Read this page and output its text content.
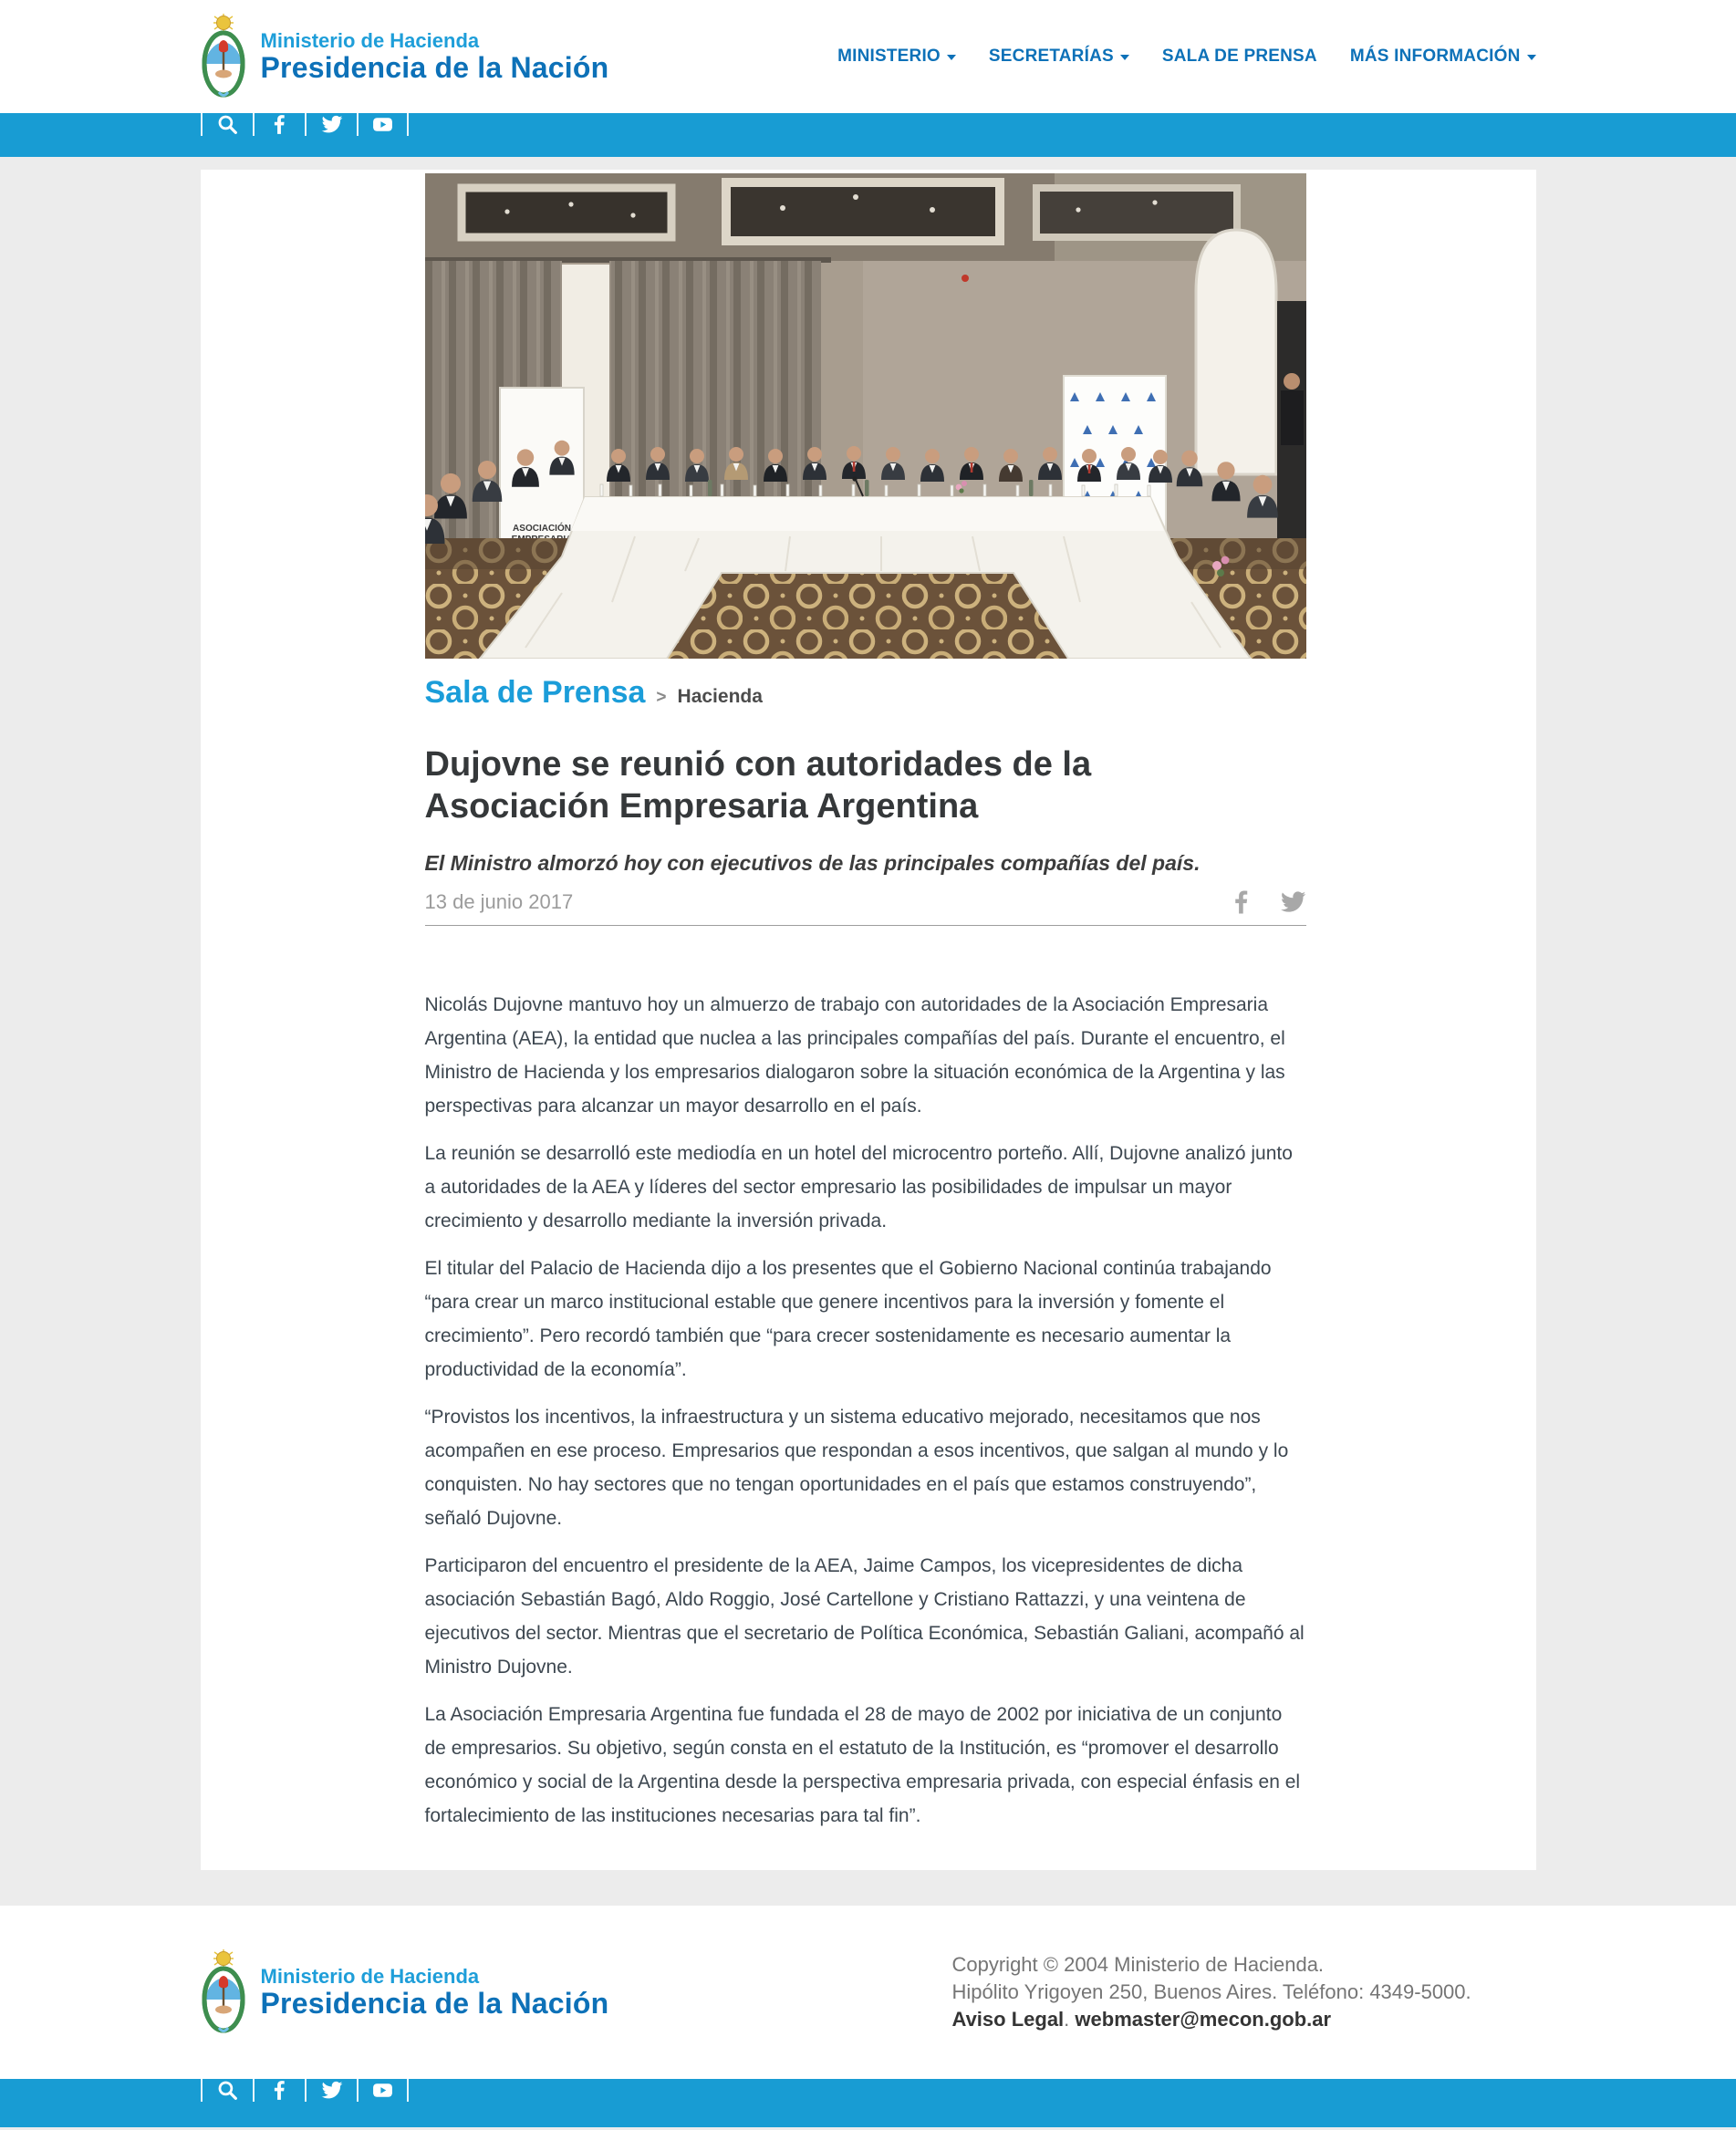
Ministerio de Hacienda
Presidencia de la Nación	MINISTERIO	SECRETARÍAS	SALA DE PRENSA MÁS INFORMACIÓN
ASOCIACIÓN
Sala de Prensa > Hacienda
Dujovne se reunió con autoridades de la Asociación Empresaria Argentina
El Ministro almorzó hoy con ejecutivos de las principales compañías del país.
13 de junio 2017

Nicolás Dujovne mantuvo hoy un almuerzo de trabajo con autoridades de la Asociación Empresaria Argentina (AEA), la entidad que nuclea a las principales compañías del país. Durante el encuentro, el Ministro de Hacienda y los empresarios dialogaron sobre la situación económica de la Argentina y las perspectivas para alcanzar un mayor desarrollo en el país.

La reunión se desarrolló este mediodía en un hotel del microcentro porteño. Allí, Dujovne analizó junto a autoridades de la AEA y líderes del sector empresario las posibilidades de impulsar un mayor crecimiento y desarrollo mediante la inversión privada.

El titular del Palacio de Hacienda dijo a los presentes que el Gobierno Nacional continúa trabajando “para crear un marco institucional estable que genere incentivos para la inversión y fomente el crecimiento”. Pero recordó también que “para crecer sostenidamente es necesario aumentar la productividad de la economía”.

“Provistos los incentivos, la infraestructura y un sistema educativo mejorado, necesitamos que nos acompañen en ese proceso. Empresarios que respondan a esos incentivos, que salgan al mundo y lo conquisten. No hay sectores que no tengan oportunidades en el país que estamos construyendo”, señaló Dujovne.

Participaron del encuentro el presidente de la AEA, Jaime Campos, los vicepresidentes de dicha asociación Sebastián Bagó, Aldo Roggio, José Cartellone y Cristiano Rattazzi, y una veintena de ejecutivos del sector. Mientras que el secretario de Política Económica, Sebastián Galiani, acompañó al Ministro Dujovne.

La Asociación Empresaria Argentina fue fundada el 28 de mayo de 2002 por iniciativa de un conjunto de empresarios. Su objetivo, según consta en el estatuto de la Institución, es “promover el desarrollo económico y social de la Argentina desde la perspectiva empresaria privada, con especial énfasis en el fortalecimiento de las instituciones necesarias para tal fin”.

Ministerio de Hacienda
Presidencia de la Nación
Copyright © 2004 Ministerio de Hacienda.
Hipólito Yrigoyen 250, Buenos Aires. Teléfono: 4349-5000.
Aviso Legal. webmaster@mecon.gob.ar
